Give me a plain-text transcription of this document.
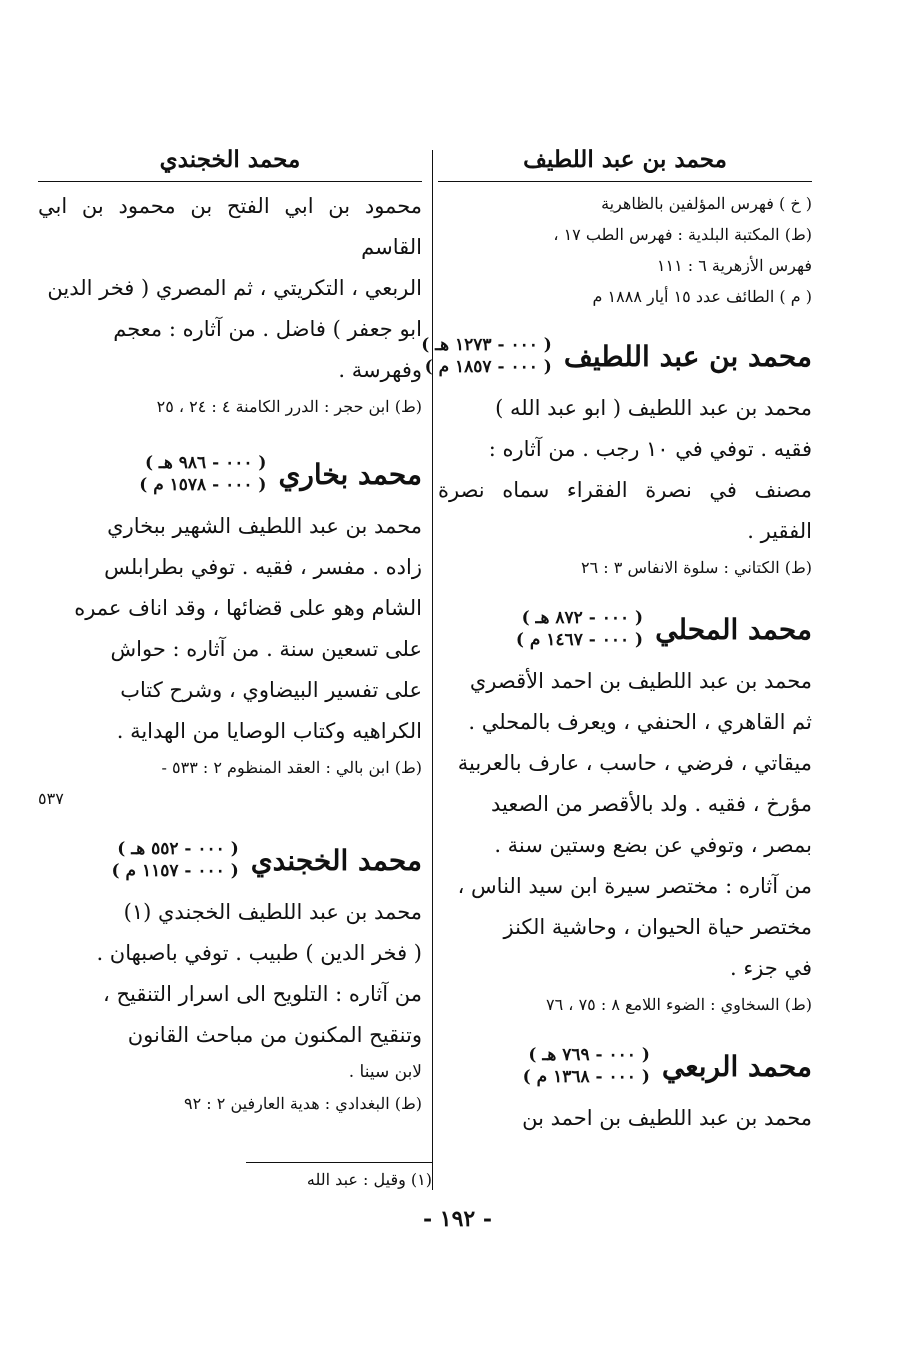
محمد بن عبد اللطيف
( خ ) فهرس المؤلفين بالظاهرية
(ط) المكتبة البلدية : فهرس الطب ١٧ ،
فهرس الأزهرية ٦ : ١١١
( م ) الطائف عدد ١٥ أيار ١٨٨٨ م
محمد بن عبد اللطيف
( ٠٠٠ - ١٢٧٣ هـ )
( ٠٠٠ - ١٨٥٧ م )
محمد بن عبد اللطيف ( ابو عبد الله )
فقيه . توفي في ١٠ رجب . من آثاره :
مصنف في نصرة الفقراء سماه نصرة الفقير .
(ط) الكتاني : سلوة الانفاس ٣ : ٢٦
محمد المحلي
( ٠٠٠ - ٨٧٢ هـ )
( ٠٠٠ - ١٤٦٧ م )
محمد بن عبد اللطيف بن احمد الأقصري
ثم القاهري ، الحنفي ، ويعرف بالمحلي .
ميقاتي ، فرضي ، حاسب ، عارف بالعربية
مؤرخ ، فقيه . ولد بالأقصر من الصعيد
بمصر ، وتوفي عن بضع وستين سنة .
من آثاره : مختصر سيرة ابن سيد الناس ،
مختصر حياة الحيوان ، وحاشية الكنز
في جزء .
(ط) السخاوي : الضوء اللامع ٨ : ٧٥ ، ٧٦
محمد الربعي
( ٠٠٠ - ٧٦٩ هـ )
( ٠٠٠ - ١٣٦٨ م )
محمد بن عبد اللطيف بن احمد بن
محمد الخجندي
محمود بن ابي الفتح بن محمود بن ابي القاسم
الربعي ، التكريتي ، ثم المصري ( فخر الدين
ابو جعفر ) فاضل . من آثاره : معجم
وفهرسة .
(ط) ابن حجر : الدرر الكامنة ٤ : ٢٤ ، ٢٥
محمد بخاري
( ٠٠٠ - ٩٨٦ هـ )
( ٠٠٠ - ١٥٧٨ م )
محمد بن عبد اللطيف الشهير ببخاري
زاده . مفسر ، فقيه . توفي بطرابلس
الشام وهو على قضائها ، وقد اناف عمره
على تسعين سنة . من آثاره : حواش
على تفسير البيضاوي ، وشرح كتاب
الكراهيه وكتاب الوصايا من الهداية .
(ط) ابن بالي : العقد المنظوم ٢ : ٥٣٣ -
٥٣٧
محمد الخجندي
( ٠٠٠ - ٥٥٢ هـ )
( ٠٠٠ - ١١٥٧ م )
محمد بن عبد اللطيف الخجندي (١)
( فخر الدين ) طبيب . توفي باصبهان .
من آثاره : التلويح الى اسرار التنقيح ،
وتنقيح المكنون من مباحث القانون
لابن سينا .
(ط) البغدادي : هدية العارفين ٢ : ٩٢
(١) وقيل : عبد الله
- ١٩٢ -
